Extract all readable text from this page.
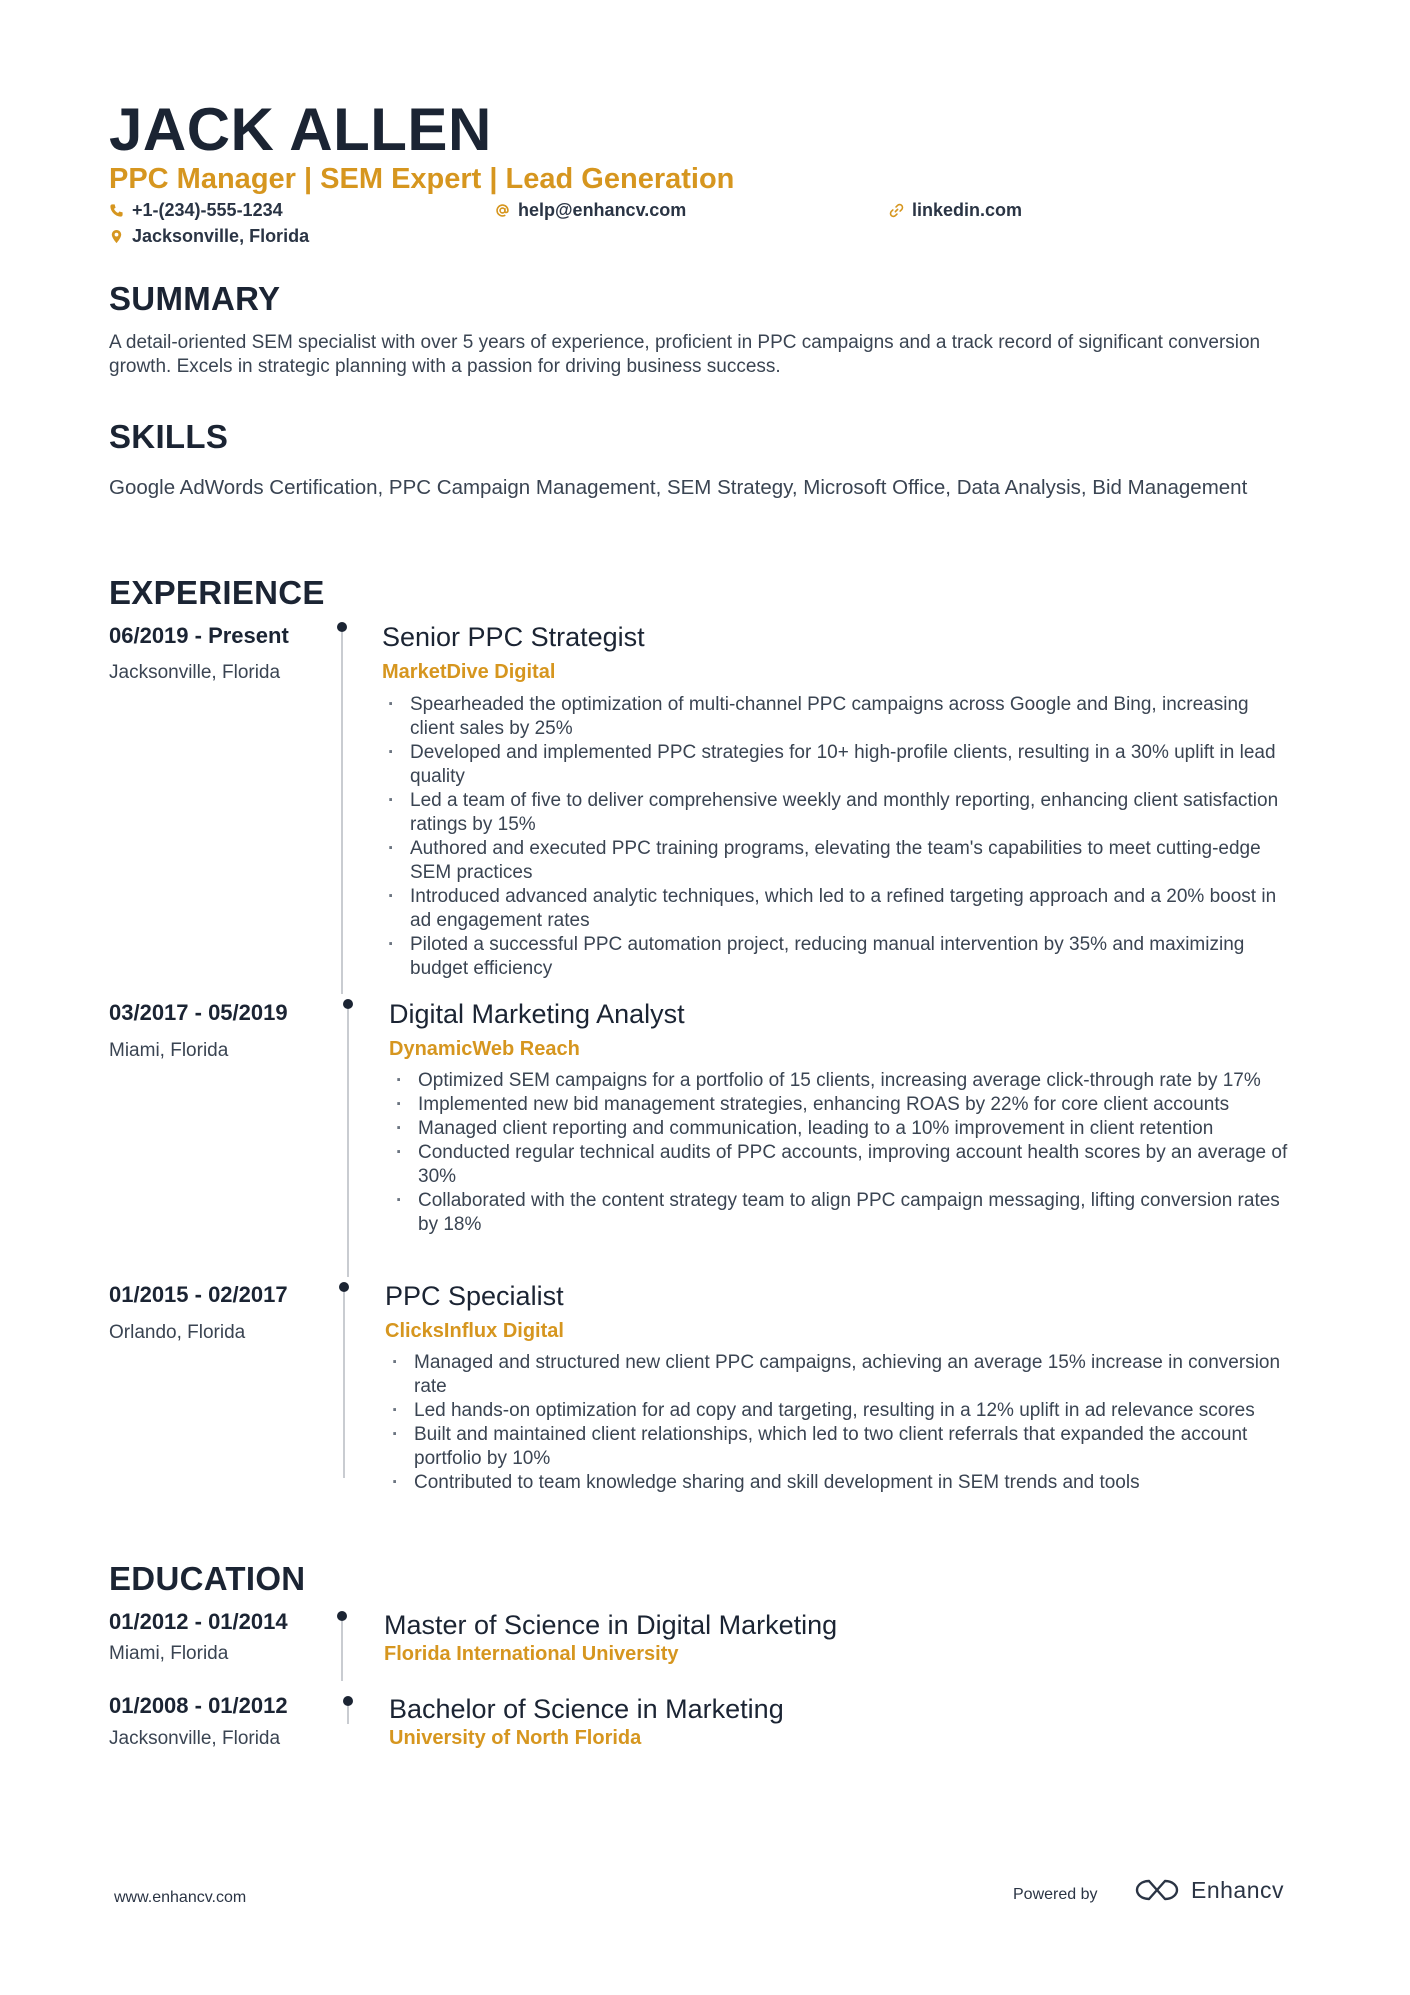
JACK ALLEN
PPC Manager | SEM Expert | Lead Generation
+1-(234)-555-1234	help@enhancv.com	linkedin.com
Jacksonville, Florida
SUMMARY
A detail-oriented SEM specialist with over 5 years of experience, proficient in PPC campaigns and a track record of significant conversion growth. Excels in strategic planning with a passion for driving business success.
SKILLS
Google AdWords Certification, PPC Campaign Management, SEM Strategy, Microsoft Office, Data Analysis, Bid Management
EXPERIENCE
06/2019 - Present
Jacksonville, Florida
Senior PPC Strategist
MarketDive Digital
· Spearheaded the optimization of multi-channel PPC campaigns across Google and Bing, increasing client sales by 25%
· Developed and implemented PPC strategies for 10+ high-profile clients, resulting in a 30% uplift in lead quality
· Led a team of five to deliver comprehensive weekly and monthly reporting, enhancing client satisfaction ratings by 15%
· Authored and executed PPC training programs, elevating the team's capabilities to meet cutting-edge SEM practices
· Introduced advanced analytic techniques, which led to a refined targeting approach and a 20% boost in ad engagement rates
· Piloted a successful PPC automation project, reducing manual intervention by 35% and maximizing budget efficiency
03/2017 - 05/2019
Miami, Florida
Digital Marketing Analyst
DynamicWeb Reach
· Optimized SEM campaigns for a portfolio of 15 clients, increasing average click-through rate by 17%
· Implemented new bid management strategies, enhancing ROAS by 22% for core client accounts
· Managed client reporting and communication, leading to a 10% improvement in client retention
· Conducted regular technical audits of PPC accounts, improving account health scores by an average of 30%
· Collaborated with the content strategy team to align PPC campaign messaging, lifting conversion rates by 18%
01/2015 - 02/2017
Orlando, Florida
PPC Specialist
ClicksInflux Digital
· Managed and structured new client PPC campaigns, achieving an average 15% increase in conversion rate
· Led hands-on optimization for ad copy and targeting, resulting in a 12% uplift in ad relevance scores
· Built and maintained client relationships, which led to two client referrals that expanded the account portfolio by 10%
· Contributed to team knowledge sharing and skill development in SEM trends and tools
EDUCATION
01/2012 - 01/2014
Miami, Florida
Master of Science in Digital Marketing
Florida International University
01/2008 - 01/2012
Jacksonville, Florida
Bachelor of Science in Marketing
University of North Florida
www.enhancv.com	Powered by	Enhancv
